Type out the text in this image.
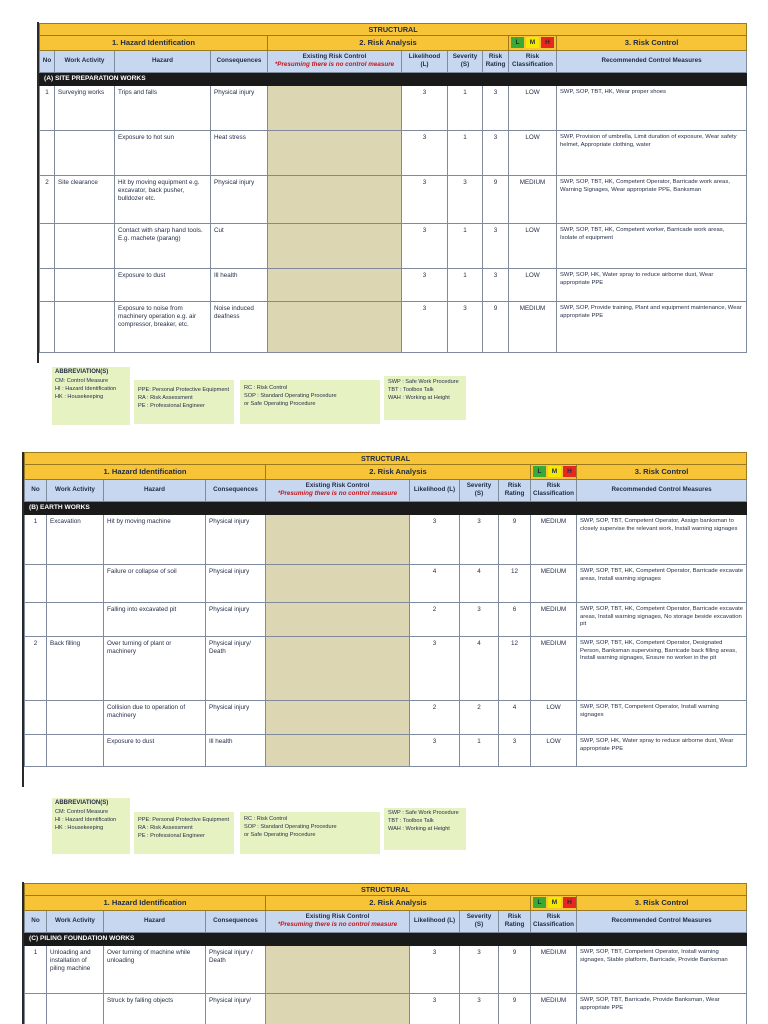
STRUCTURAL									
1. Hazard Identification				2. Risk Analysis				L M H	3. Risk Control
No	Work Activity	Hazard	Consequences	Existing Risk Control
*Presuming there is no control measure	Likelihood (L)	Severity (S)	Risk Rating	Risk Classification	Recommended Control Measures
(A) SITE PREPARATION WORKS									
1	Surveying works	Trips and falls	Physical injury		3	1	3	LOW	SWP, SOP, TBT, HK, Wear proper shoes
		Exposure to hot sun	Heat stress		3	1	3	LOW	SWP, Provision of umbrella, Limit duration of exposure, Wear safety helmet, Appropriate clothing, water
2	Site clearance	Hit by moving equipment e.g. excavator, back pusher, bulldozer etc.	Physical injury		3	3	9	MEDIUM	SWP, SOP, TBT, HK, Competent Operator, Barricade work areas, Warning Signages, Wear appropriate PPE, Banksman
		Contact with sharp hand tools. E.g. machete (parang)	Cut		3	1	3	LOW	SWP, SOP, TBT, HK, Competent worker, Barricade work areas, Isolate of equipment
		Exposure to dust	Ill health		3	1	3	LOW	SWP, SOP, HK, Water spray to reduce airborne dust, Wear appropriate PPE
		Exposure to noise from machinery operation e.g. air compressor, breaker, etc.	Noise induced deafness		3	3	9	MEDIUM	SWP, SOP, Provide training, Plant and equipment maintenance, Wear appropriate PPE
ABBREVIATION(S)
CM: Control Measure
HI : Hazard Identification
HK : Housekeeping
PPE: Personal Protective Equipment
RA : Risk Assessment
PE : Professional Engineer
RC : Risk Control
SOP : Standard Operating Procedure
or Safe Operating Procedure
SWP : Safe Work Procedure
TBT : Toolbox Talk
WAH : Working at Height
STRUCTURAL									
1. Hazard Identification				2. Risk Analysis				L M H	3. Risk Control
No	Work Activity	Hazard	Consequences	Existing Risk Control
*Presuming there is no control measure	Likelihood (L)	Severity (S)	Risk Rating	Risk Classification	Recommended Control Measures
(B) EARTH WORKS									
1	Excavation	Hit by moving machine	Physical injury		3	3	9	MEDIUM	SWP, SOP, TBT, Competent Operator, Assign banksman to closely supervise the relevant work, Install warning signages
		Failure or collapse of soil	Physical injury		4	4	12	MEDIUM	SWP, SOP, TBT, HK, Competent Operator, Barricade excavate areas, Install warning signages
		Falling into excavated pit	Physical injury		2	3	6	MEDIUM	SWP, SOP, TBT, HK, Competent Operator, Barricade excavate areas, Install warning signages, No storage beside excavation pit
2	Back filling	Over turning of plant or machinery	Physical injury/ Death		3	4	12	MEDIUM	SWP, SOP, TBT, HK, Competent Operator, Designated Person, Banksman supervising, Barricade back filling areas, Install warning signages, Ensure no worker in the pit
		Collision due to operation of machinery	Physical injury		2	2	4	LOW	SWP, SOP, TBT, Competent Operator, Install warning signages
		Exposure to dust	Ill health		3	1	3	LOW	SWP, SOP, HK, Water spray to reduce airborne dust, Wear appropriate PPE
ABBREVIATION(S)
CM: Control Measure
HI : Hazard Identification
HK : Housekeeping
PPE: Personal Protective Equipment
RA : Risk Assessment
PE : Professional Engineer
RC : Risk Control
SOP : Standard Operating Procedure
or Safe Operating Procedure
SWP : Safe Work Procedure
TBT : Toolbox Talk
WAH : Working at Height
STRUCTURAL									
1. Hazard Identification				2. Risk Analysis				L M H	3. Risk Control
No	Work Activity	Hazard	Consequences	Existing Risk Control
*Presuming there is no control measure	Likelihood (L)	Severity (S)	Risk Rating	Risk Classification	Recommended Control Measures
(C) PILING FOUNDATION WORKS									
1	Unloading and installation of piling machine	Over turning of machine while unloading	Physical injury / Death		3	3	9	MEDIUM	SWP, SOP, TBT, Competent Operator, Install warning signages, Stable platform, Barricade, Provide Banksman
		Struck by falling objects	Physical injury/		3	3	9	MEDIUM	SWP, SOP, TBT, Barricade, Provide Banksman, Wear appropriate PPE
